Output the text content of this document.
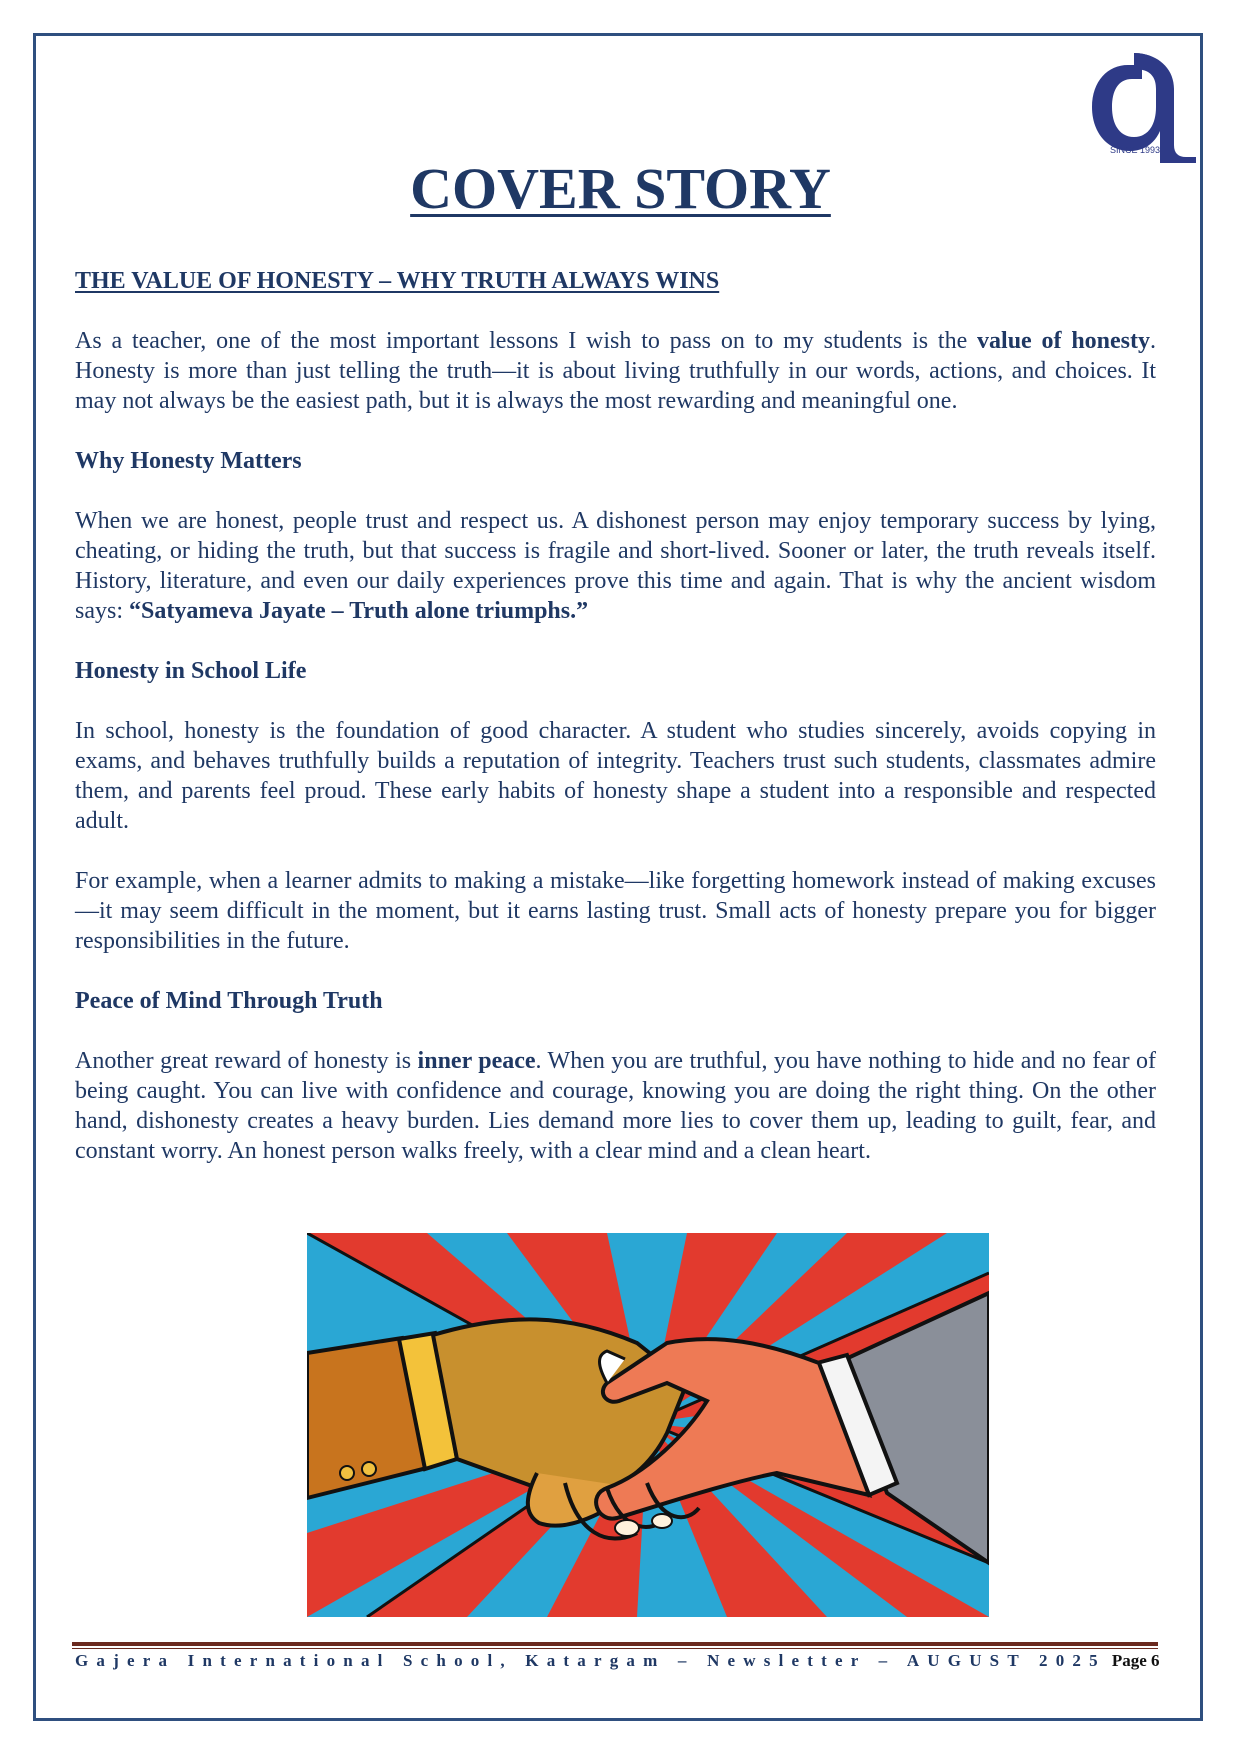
SINCE 1993
COVER STORY

THE VALUE OF HONESTY – WHY TRUTH ALWAYS WINS

As a teacher, one of the most important lessons I wish to pass on to my students is the value of honesty. Honesty is more than just telling the truth—it is about living truthfully in our words, actions, and choices. It may not always be the easiest path, but it is always the most rewarding and meaningful one.

Why Honesty Matters

When we are honest, people trust and respect us. A dishonest person may enjoy temporary success by lying, cheating, or hiding the truth, but that success is fragile and short-lived. Sooner or later, the truth reveals itself. History, literature, and even our daily experiences prove this time and again. That is why the ancient wisdom says: “Satyameva Jayate – Truth alone triumphs.”

Honesty in School Life

In school, honesty is the foundation of good character. A student who studies sincerely, avoids copying in exams, and behaves truthfully builds a reputation of integrity. Teachers trust such students, classmates admire them, and parents feel proud. These early habits of honesty shape a student into a responsible and respected adult.

For example, when a learner admits to making a mistake—like forgetting homework instead of making excuses—it may seem difficult in the moment, but it earns lasting trust. Small acts of honesty prepare you for bigger responsibilities in the future.

Peace of Mind Through Truth

Another great reward of honesty is inner peace. When you are truthful, you have nothing to hide and no fear of being caught. You can live with confidence and courage, knowing you are doing the right thing. On the other hand, dishonesty creates a heavy burden. Lies demand more lies to cover them up, leading to guilt, fear, and constant worry. An honest person walks freely, with a clear mind and a clean heart.

Gajera International School, Katargam – Newsletter – AUGUST 2025 Page 6
